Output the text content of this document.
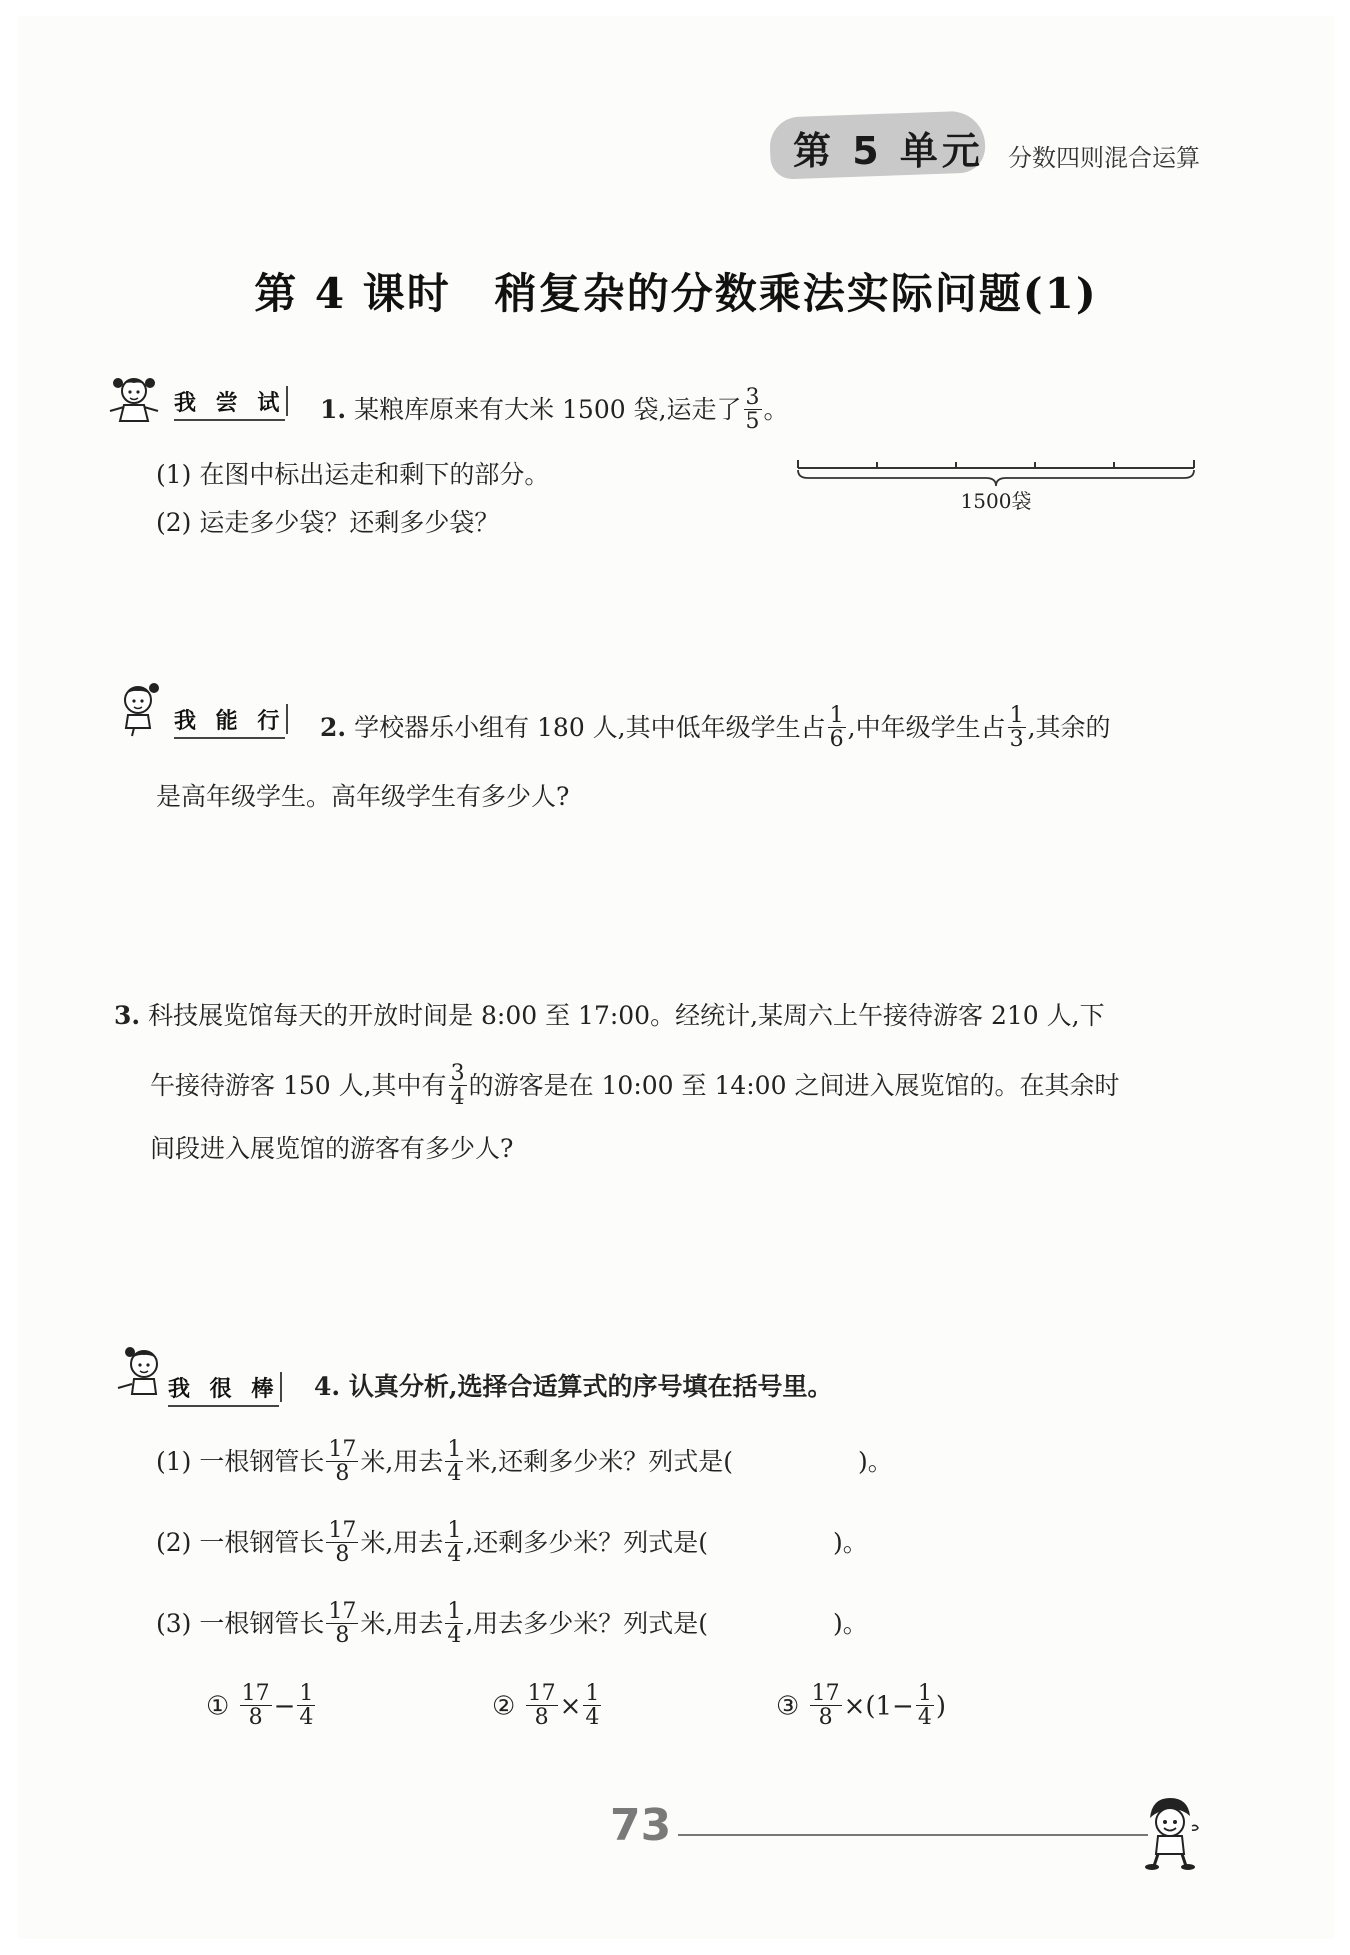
第 5 单元 分数四则混合运算
第 4 课时　稍复杂的分数乘法实际问题(1)
我 尝 试 1. 某粮库原来有大米 1500 袋,运走了 $\frac{3}{5}$ 。
(1) 在图中标出运走和剩下的部分。
(2) 运走多少袋？还剩多少袋？
1500袋
我 能 行 2. 学校器乐小组有 180 人,其中低年级学生占 $\frac{1}{6}$ ,中年级学生占 $\frac{1}{3}$ ,其余的
是高年级学生。高年级学生有多少人?
3. 科技展览馆每天的开放时间是 8:00 至 17:00。经统计,某周六上午接待游客 210 人,下
午接待游客 150 人,其中有 $\frac{3}{4}$ 的游客是在 10:00 至 14:00 之间进入展览馆的。在其余时
间段进入展览馆的游客有多少人?
我 很 棒 4. 认真分析,选择合适算式的序号填在括号里。
(1) 一根钢管长 $\frac{17}{8}$ 米,用去 $\frac{1}{4}$ 米,还剩多少米？列式是(　　　　　)。
(2) 一根钢管长 $\frac{17}{8}$ 米,用去 $\frac{1}{4}$ ,还剩多少米？列式是(　　　　　)。
(3) 一根钢管长 $\frac{17}{8}$ 米,用去 $\frac{1}{4}$ ,用去多少米？列式是(　　　　　)。
① $\frac{17}{8} - \frac{1}{4}$	② $\frac{17}{8} \times \frac{1}{4}$	③ $\frac{17}{8} \times(1- \frac{1}{4}$ )
73
